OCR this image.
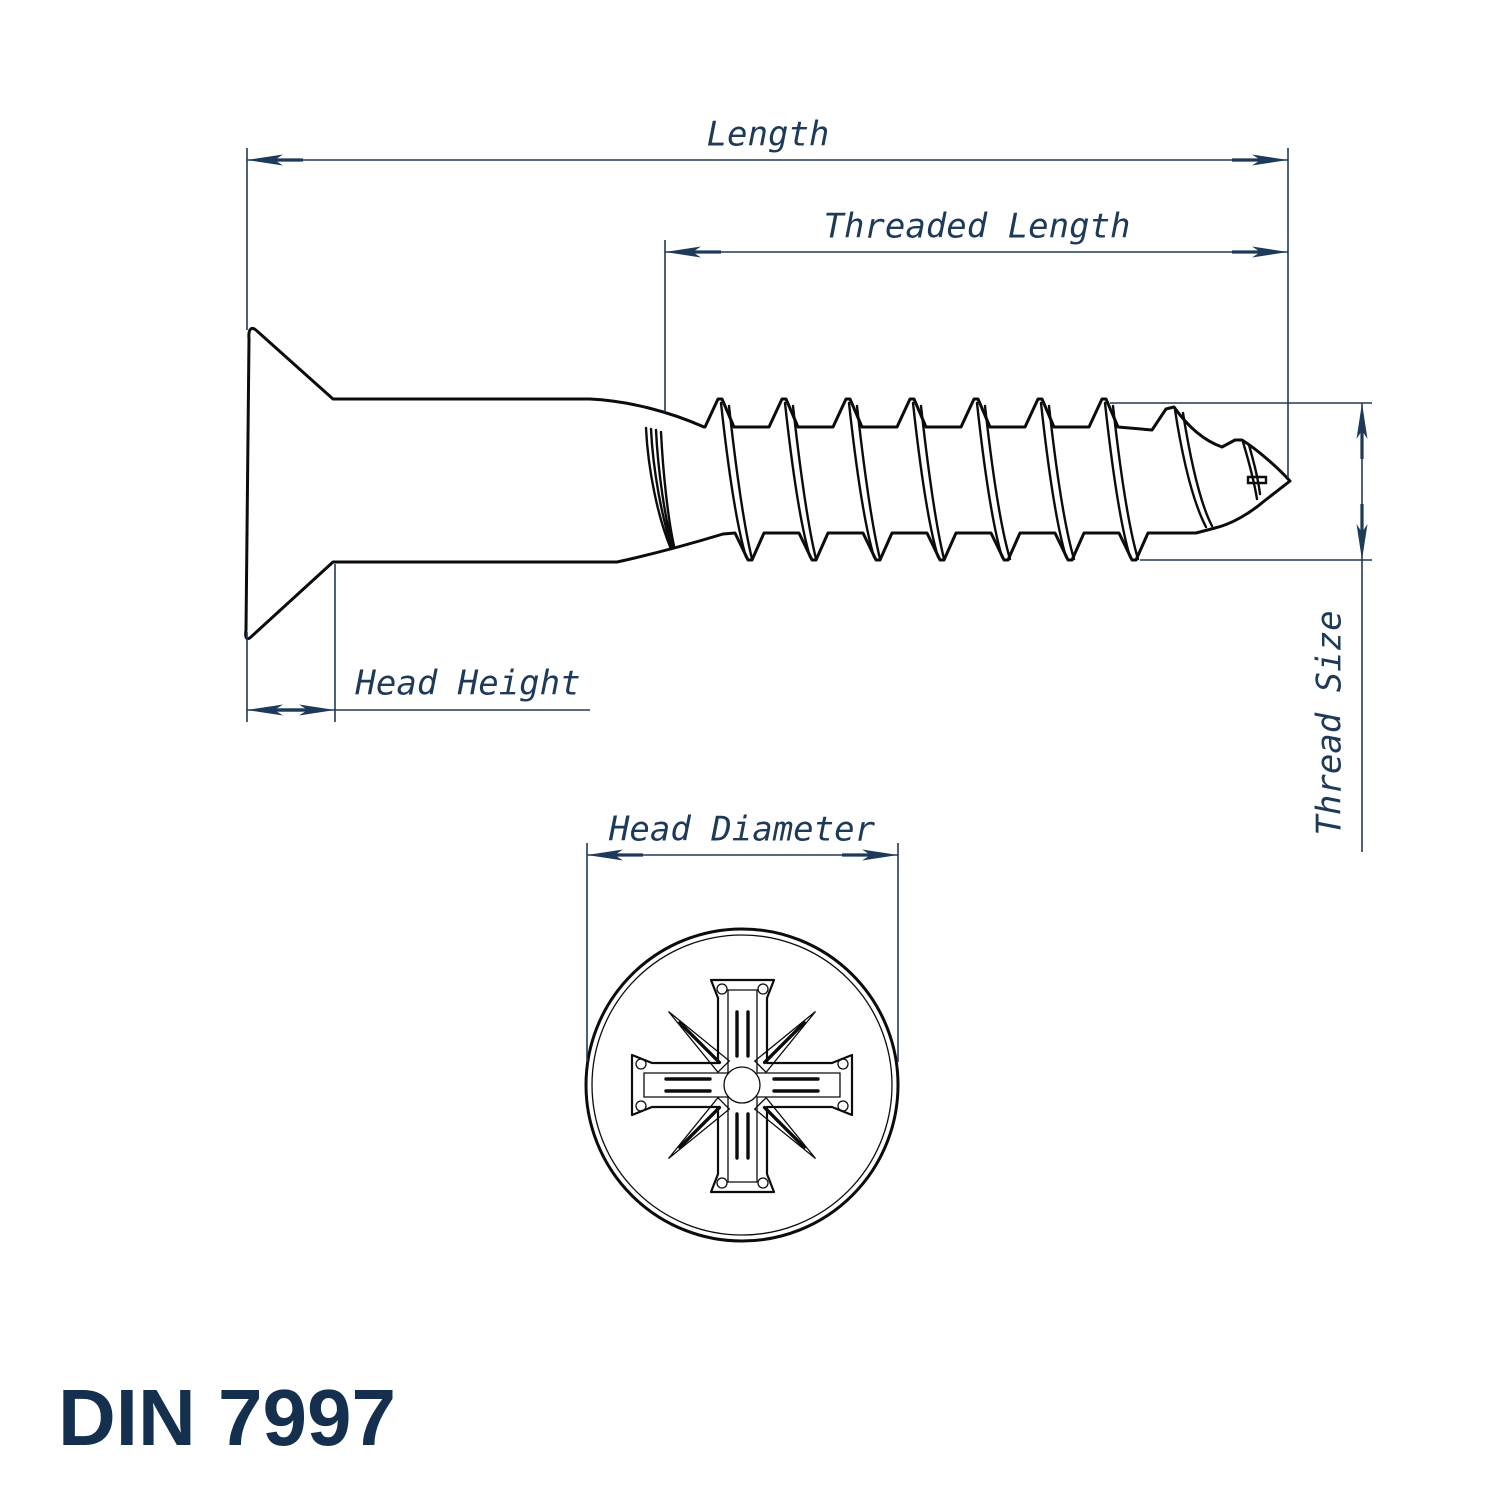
Length
Threaded Length
Head Height	Thread Size
Head Diameter
DIN 7997
